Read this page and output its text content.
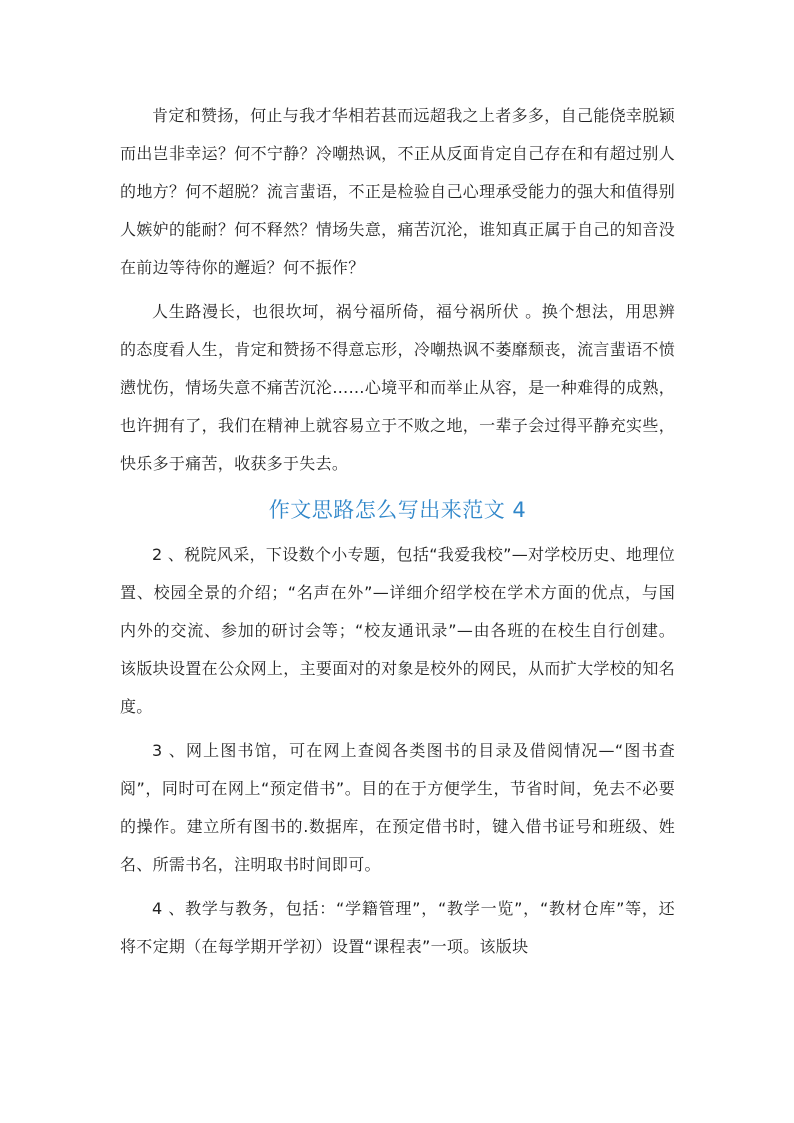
肯定和赞扬，何止与我才华相若甚而远超我之上者多多，自己能侥幸脱颖而出岂非幸运？何不宁静？冷嘲热讽，不正从反面肯定自己存在和有超过别人的地方？何不超脱？流言蜚语，不正是检验自己心理承受能力的强大和值得别人嫉妒的能耐？何不释然？情场失意，痛苦沉沦，谁知真正属于自己的知音没在前边等待你的邂逅？何不振作？

人生路漫长，也很坎坷，祸兮福所倚，福兮祸所伏 。换个想法，用思辨的态度看人生，肯定和赞扬不得意忘形，冷嘲热讽不萎靡颓丧，流言蜚语不愤懑忧伤，情场失意不痛苦沉沦……心境平和而举止从容，是一种难得的成熟，也许拥有了，我们在精神上就容易立于不败之地，一辈子会过得平静充实些，快乐多于痛苦，收获多于失去。

作文思路怎么写出来范文 4

2 、税院风采，下设数个小专题，包括“我爱我校”—对学校历史、地理位置、校园全景的介绍；“名声在外”—详细介绍学校在学术方面的优点，与国内外的交流、参加的研讨会等；“校友通讯录”—由各班的在校生自行创建。该版块设置在公众网上，主要面对的对象是校外的网民，从而扩大学校的知名度。

3 、网上图书馆，可在网上查阅各类图书的目录及借阅情况—“图书查阅”，同时可在网上“预定借书”。目的在于方便学生，节省时间，免去不必要的操作。建立所有图书的.数据库，在预定借书时，键入借书证号和班级、姓名、所需书名，注明取书时间即可。

4 、教学与教务，包括：“学籍管理”，“教学一览”，“教材仓库”等，还将不定期（在每学期开学初）设置“课程表”一项。该版块
